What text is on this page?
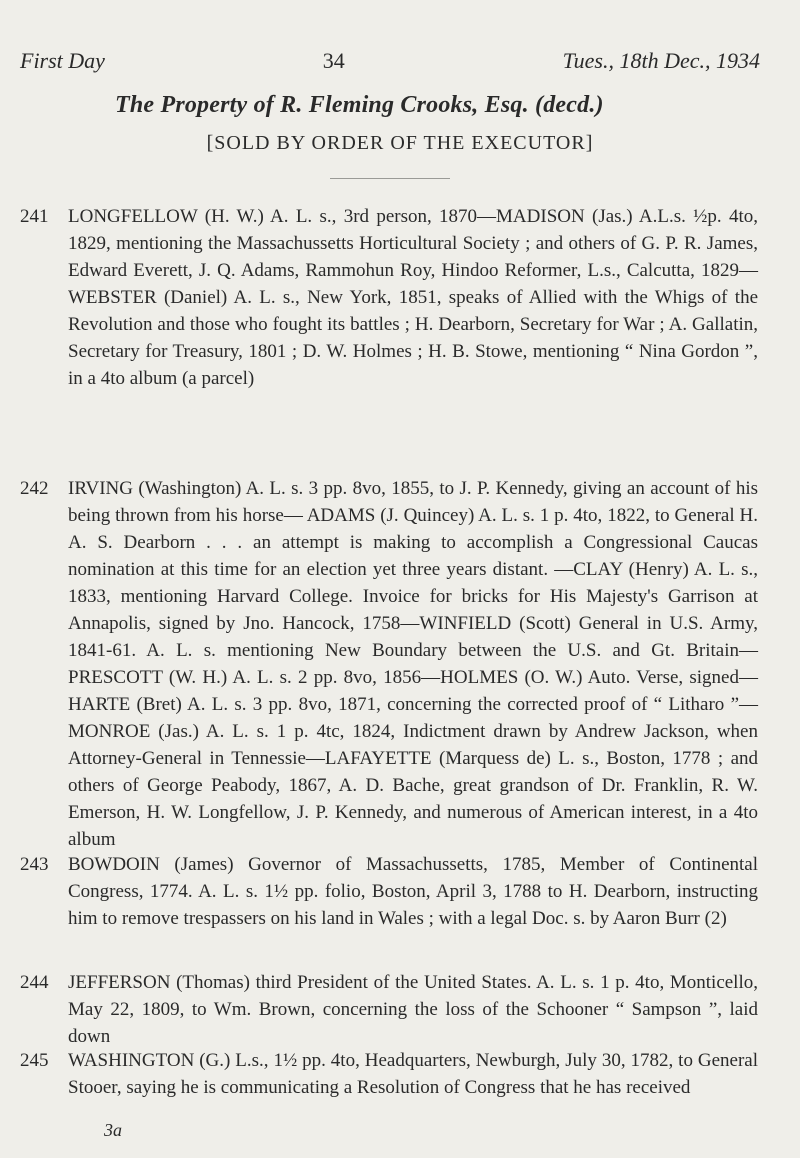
First Day	34	Tues., 18th Dec., 1934
The Property of R. Fleming Crooks, Esq. (decd.)
[SOLD BY ORDER OF THE EXECUTOR]
241 LONGFELLOW (H. W.) A. L. s., 3rd person, 1870—MADISON (Jas.) A.L.s. ½p. 4to, 1829, mentioning the Massachussetts Horticultural Society ; and others of G. P. R. James, Edward Everett, J. Q. Adams, Rammohun Roy, Hindoo Reformer, L.s., Calcutta, 1829—WEBSTER (Daniel) A. L. s., New York, 1851, speaks of Allied with the Whigs of the Revolution and those who fought its battles ; H. Dearborn, Secretary for War ; A. Gallatin, Secretary for Treasury, 1801 ; D. W. Holmes ; H. B. Stowe, mentioning “ Nina Gordon ”, in a 4to album (a parcel)
242 IRVING (Washington) A. L. s. 3 pp. 8vo, 1855, to J. P. Kennedy, giving an account of his being thrown from his horse— ADAMS (J. Quincey) A. L. s. 1 p. 4to, 1822, to General H. A. S. Dearborn . . . an attempt is making to accomplish a Congressional Caucas nomination at this time for an election yet three years distant. —CLAY (Henry) A. L. s., 1833, mentioning Harvard College. Invoice for bricks for His Majesty's Garrison at Annapolis, signed by Jno. Hancock, 1758—WINFIELD (Scott) General in U.S. Army, 1841-61. A. L. s. mentioning New Boundary between the U.S. and Gt. Britain—PRESCOTT (W. H.) A. L. s. 2 pp. 8vo, 1856—HOLMES (O. W.) Auto. Verse, signed—HARTE (Bret) A. L. s. 3 pp. 8vo, 1871, concerning the corrected proof of “ Litharo ”—MONROE (Jas.) A. L. s. 1 p. 4tc, 1824, Indictment drawn by Andrew Jackson, when Attorney-General in Tennessie—LAFAYETTE (Marquess de) L. s., Boston, 1778 ; and others of George Peabody, 1867, A. D. Bache, great grandson of Dr. Franklin, R. W. Emerson, H. W. Longfellow, J. P. Kennedy, and numerous of American interest, in a 4to album
243 BOWDOIN (James) Governor of Massachussetts, 1785, Member of Continental Congress, 1774. A. L. s. 1½ pp. folio, Boston, April 3, 1788 to H. Dearborn, instructing him to remove trespassers on his land in Wales ; with a legal Doc. s. by Aaron Burr (2)
244 JEFFERSON (Thomas) third President of the United States. A. L. s. 1 p. 4to, Monticello, May 22, 1809, to Wm. Brown, concerning the loss of the Schooner “ Sampson ”, laid down
245 WASHINGTON (G.) L.s., 1½ pp. 4to, Headquarters, Newburgh, July 30, 1782, to General Stooer, saying he is communicating a Resolution of Congress that he has received
3a
